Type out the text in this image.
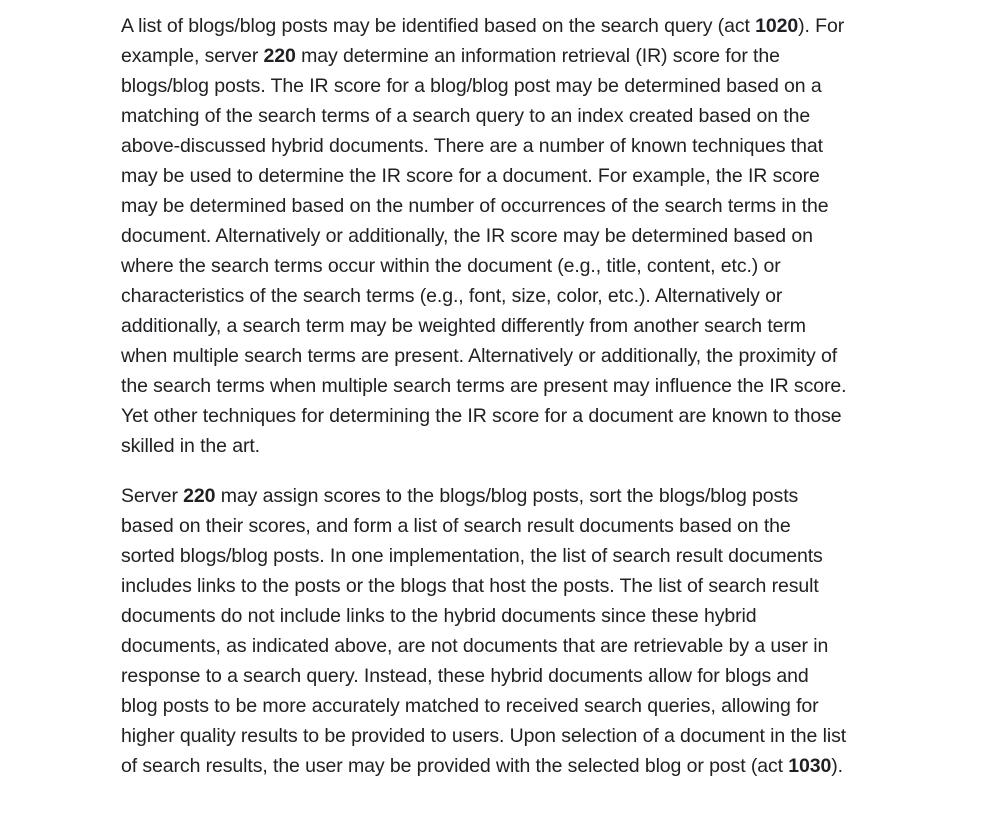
A list of blogs/blog posts may be identified based on the search query (act 1020). For example, server 220 may determine an information retrieval (IR) score for the blogs/blog posts. The IR score for a blog/blog post may be determined based on a matching of the search terms of a search query to an index created based on the above-discussed hybrid documents. There are a number of known techniques that may be used to determine the IR score for a document. For example, the IR score may be determined based on the number of occurrences of the search terms in the document. Alternatively or additionally, the IR score may be determined based on where the search terms occur within the document (e.g., title, content, etc.) or characteristics of the search terms (e.g., font, size, color, etc.). Alternatively or additionally, a search term may be weighted differently from another search term when multiple search terms are present. Alternatively or additionally, the proximity of the search terms when multiple search terms are present may influence the IR score. Yet other techniques for determining the IR score for a document are known to those skilled in the art.

Server 220 may assign scores to the blogs/blog posts, sort the blogs/blog posts based on their scores, and form a list of search result documents based on the sorted blogs/blog posts. In one implementation, the list of search result documents includes links to the posts or the blogs that host the posts. The list of search result documents do not include links to the hybrid documents since these hybrid documents, as indicated above, are not documents that are retrievable by a user in response to a search query. Instead, these hybrid documents allow for blogs and blog posts to be more accurately matched to received search queries, allowing for higher quality results to be provided to users. Upon selection of a document in the list of search results, the user may be provided with the selected blog or post (act 1030).
